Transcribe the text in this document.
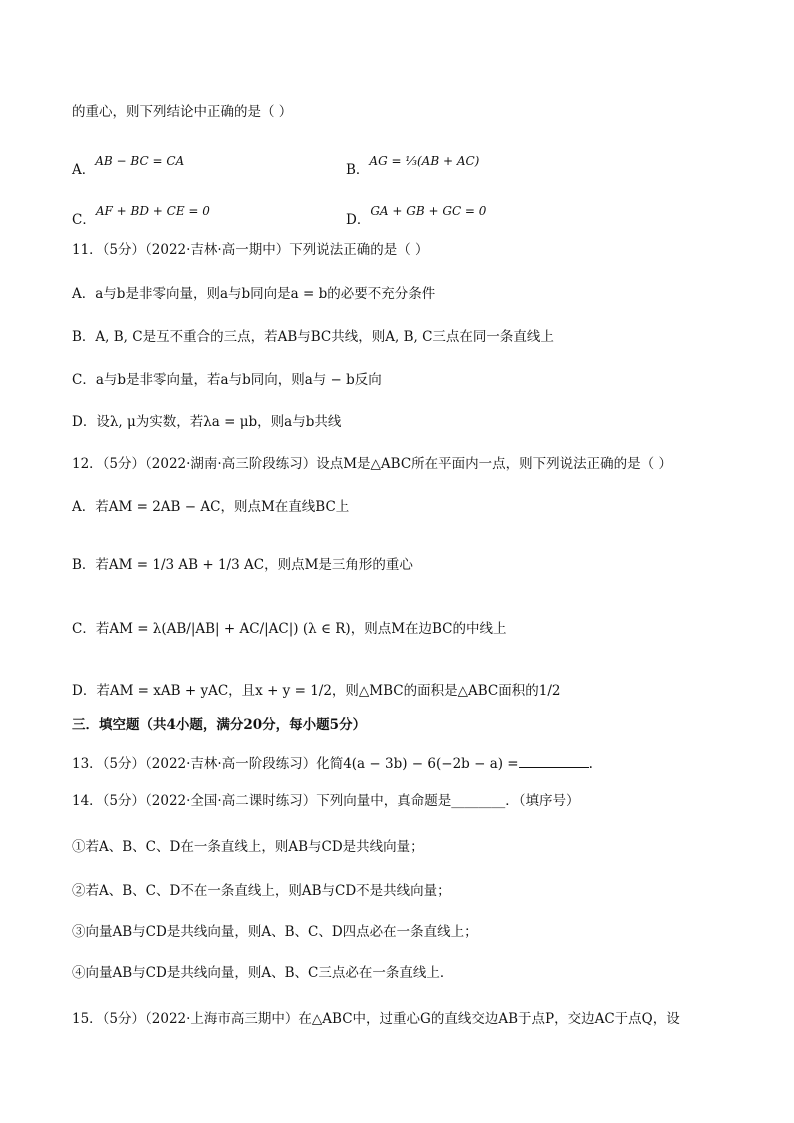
的重心，则下列结论中正确的是（ ）
A．AB − BC = CA
B．AG = ⅓(AB + AC)
C．AF + BD + CE = 0
D．GA + GB + GC = 0
11．（5分）（2022·吉林·高一期中）下列说法正确的是（ ）
A．a与b是非零向量，则a与b同向是a = b的必要不充分条件
B．A, B, C是互不重合的三点，若AB与BC共线，则A, B, C三点在同一条直线上
C．a与b是非零向量，若a与b同向，则a与 − b反向
D．设λ, μ为实数，若λa = μb，则a与b共线
12．（5分）（2022·湖南·高三阶段练习）设点M是△ABC所在平面内一点，则下列说法正确的是（ ）
A．若AM = 2AB − AC，则点M在直线BC上
B．若AM = 1/3 AB + 1/3 AC，则点M是三角形的重心
C．若AM = λ(AB/|AB| + AC/|AC|) (λ ∈ R)，则点M在边BC的中线上
D．若AM = xAB + yAC，且x + y = 1/2，则△MBC的面积是△ABC面积的1/2
三．填空题（共4小题，满分20分，每小题5分）
13．（5分）（2022·吉林·高一阶段练习）化简4(a − 3b) − 6(−2b − a) =	.
14．（5分）（2022·全国·高二课时练习）下列向量中，真命题是________．（填序号）
①若A、B、C、D在一条直线上，则AB与CD是共线向量；
②若A、B、C、D不在一条直线上，则AB与CD不是共线向量；
③向量AB与CD是共线向量，则A、B、C、D四点必在一条直线上；
④向量AB与CD是共线向量，则A、B、C三点必在一条直线上．
15．（5分）（2022·上海市高三期中）在△ABC中，过重心G的直线交边AB于点P，交边AC于点Q，设
